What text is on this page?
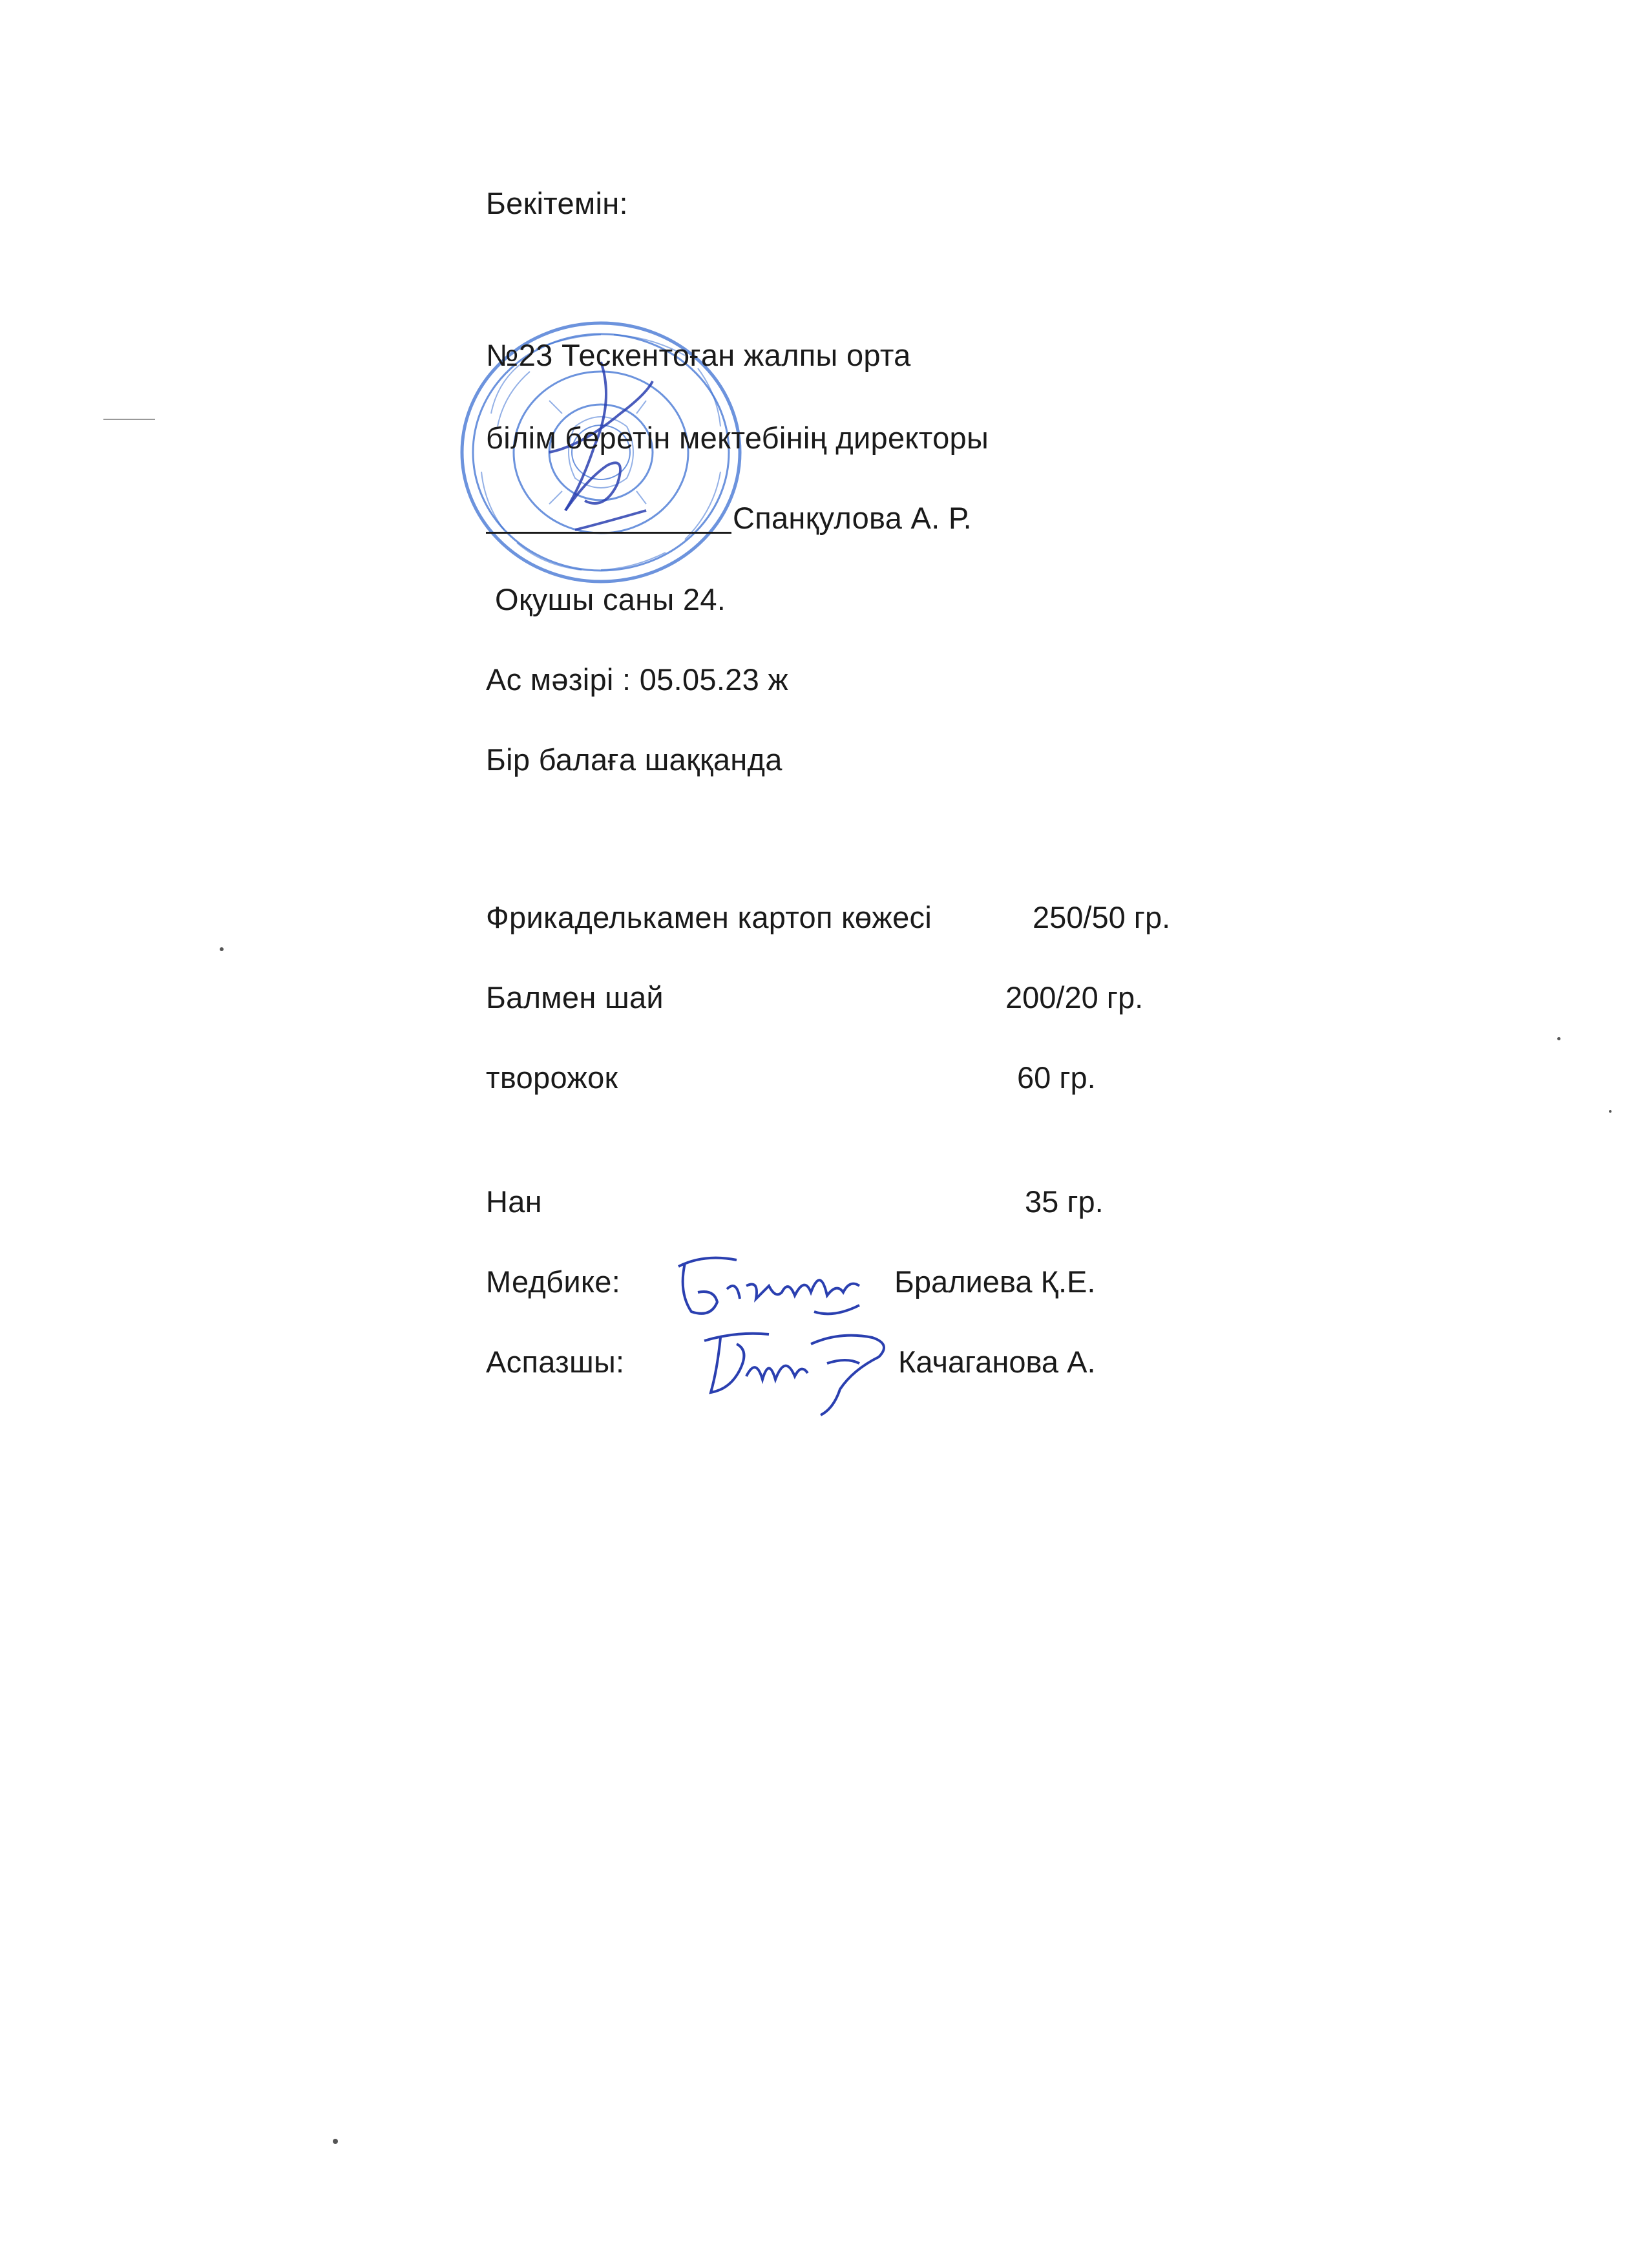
Бекітемін:
№23 Тескентоған жалпы орта
білім беретін мектебінің директоры
Спанқулова А. Р.
Оқушы саны 24.
Ас мәзірі : 05.05.23 ж
Бір балаға шаққанда
Фрикаделькамен картоп көжесі	250/50 гр.
Балмен шай	200/20 гр.
творожок	60 гр.
Нан	35 гр.
Медбике:	Бралиева Қ.Е.
Аспазшы:	Качаганова А.
